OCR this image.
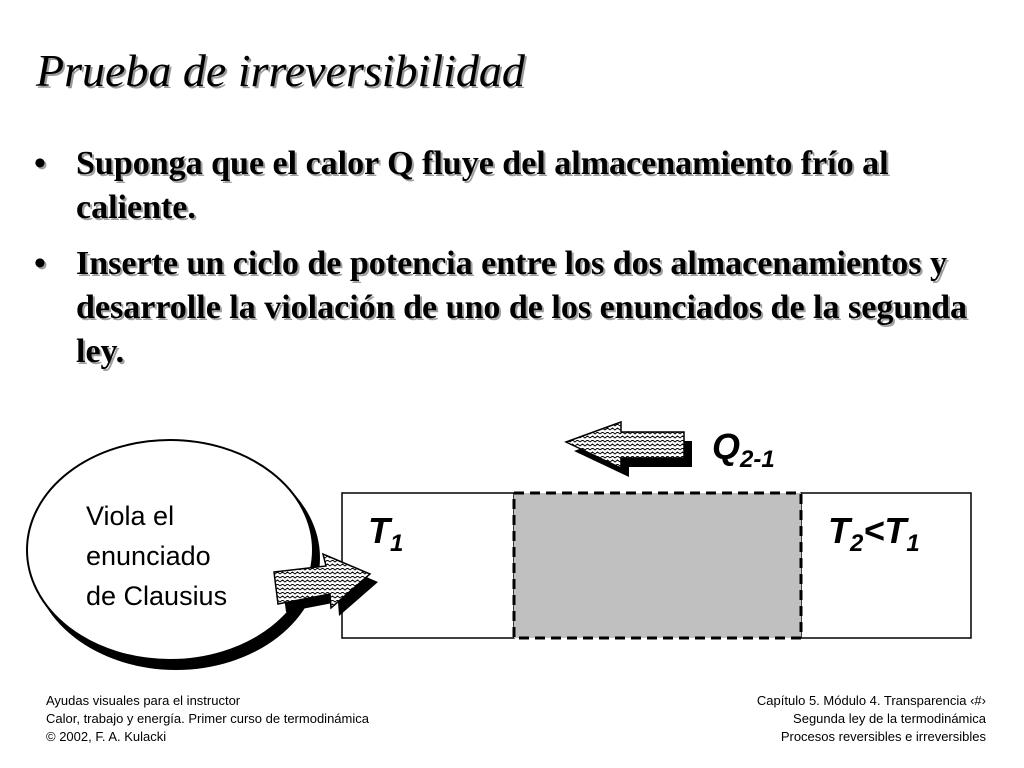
Prueba de irreversibilidad
• Suponga que el calor Q fluye del almacenamiento frío al caliente.
• Inserte un ciclo de potencia entre los dos almacenamientos y desarrolle la violación de uno de los enunciados de la segunda ley.
$Q_{2-1}$
$T_1$	$T_2<T_1$
Viola el
enunciado
de Clausius
Ayudas visuales para el instructor
Calor, trabajo y energía. Primer curso de termodinámica
© 2002, F. A. Kulacki
Capítulo 5. Módulo 4. Transparencia ‹#›
Segunda ley de la termodinámica
Procesos reversibles e irreversibles
